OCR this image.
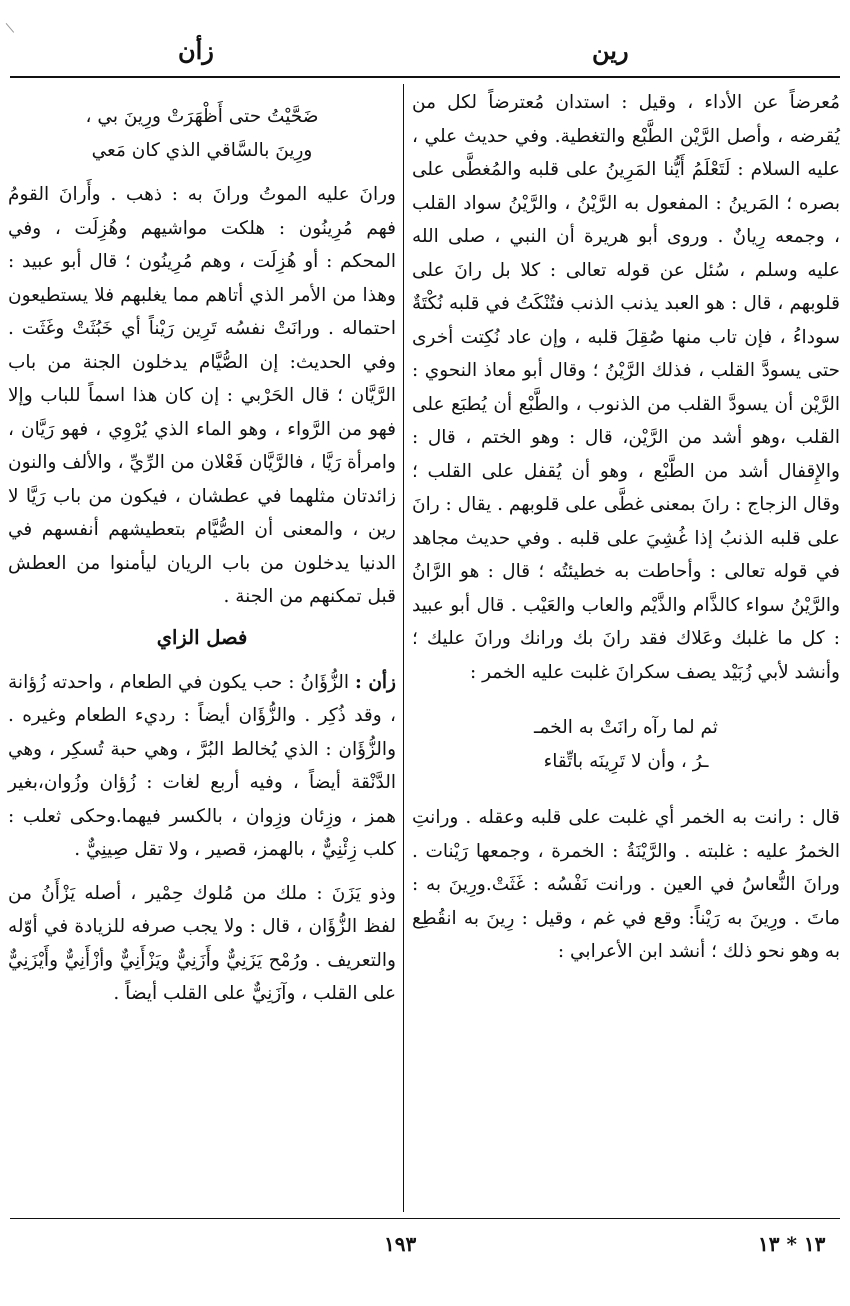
زأن	رين

مُعرضاً عن الأداء ، وقيل : استدان مُعترضاً لكل من يُقرضه ، وأصل الرَّيْن الطَّبْع والتغطية. وفي حديث علي ، عليه السلام : لَتَعْلَمُ أَيُّنا المَرِينُ على قلبه والمُغطَّى على بصره ؛ المَرينُ : المفعول به الرَّيْنُ ، والرَّيْنُ سواد القلب ، وجمعه رِيانٌ . وروى أبو هريرة أن النبي ، صلى الله عليه وسلم ، سُئل عن قوله تعالى : كلا بل رانَ على قلوبهم ، قال : هو العبد يذنب الذنب فتُنْكَتُ في قلبه نُكْتَةٌ سوداءُ ، فإن تاب منها صُقِلَ قلبه ، وإن عاد نُكِتت أخرى حتى يسودَّ القلب ، فذلك الرَّيْنُ ؛ وقال أبو معاذ النحوي : الرَّيْن أن يسودَّ القلب من الذنوب ، والطَّبْع أن يُطبَع على القلب ،وهو أشد من الرَّيْن، قال : وهو الختم ، قال : والإِقفال أشد من الطَّبْع ، وهو أن يُقفل على القلب ؛ وقال الزجاج : رانَ بمعنى غطَّى على قلوبهم . يقال : رانَ على قلبه الذنبُ إذا غُشِيَ على قلبه . وفي حديث مجاهد في قوله تعالى : وأحاطت به خطيئتُه ؛ قال : هو الرَّانُ والرَّيْنُ سواء كالذَّام والذَّيْم والعاب والعَيْب . قال أبو عبيد : كل ما غلبك وعَلاك فقد رانَ بك ورانك ورانَ عليك ؛ وأنشد لأبي زُبَيْد يصف سكرانَ غلبت عليه الخمر :

ثم لما رآه رانَتْ به الخمـ

ـرُ ، وأن لا تَرِينَه باتِّقاء

قال : رانت به الخمر أي غلبت على قلبه وعقله . ورانتِ الخمرُ عليه : غلبته . والرَّيْنَةُ : الخمرة ، وجمعها رَيْنات . ورانَ النُّعاسُ في العين . ورانت نَفْسُه : غَثَتْ.ورِينَ به : ماتَ . ورِينَ به رَيْناً: وقع في غم ، وقيل : رِينَ به انقُطِع به وهو نحو ذلك ؛ أنشد ابن الأعرابي :

ضَحَّيْتُ حتى أَظْهَرَتْ ورِينَ بي ،

ورِينَ بالسَّاقي الذي كان مَعي

ورانَ عليه الموتُ ورانَ به : ذهب . وأَرانَ القومُ فهم مُرِينُون : هلكت مواشيهم وهُزِلَت ، وفي المحكم : أو هُزِلَت ، وهم مُرِينُون ؛ قال أبو عبيد : وهذا من الأمر الذي أتاهم مما يغلبهم فلا يستطيعون احتماله . ورانَتْ نفسُه تَرِين رَيْناً أي خَبُثَتْ وغَثَت . وفي الحديث: إن الصُّيَّام يدخلون الجنة من باب الرَّيَّان ؛ قال الحَرْبي : إن كان هذا اسماً للباب وإلا فهو من الرَّواء ، وهو الماء الذي يُرْوِي ، فهو رَيَّان ، وامرأة رَيَّا ، فالرَّيَّان فَعْلان من الرِّيِّ ، والألف والنون زائدتان مثلهما في عطشان ، فيكون من باب رَيَّا لا رين ، والمعنى أن الصُّيَّام بتعطيشهم أنفسهم في الدنيا يدخلون من باب الريان ليأمنوا من العطش قبل تمكنهم من الجنة .

فصل الزاي

زأن : الزُّؤَانُ : حب يكون في الطعام ، واحدته زُؤانة ، وقد ذُكِر . والزُّؤَان أيضاً : رديء الطعام وغيره . والزُّؤَان : الذي يُخالط البُرَّ ، وهي حبة تُسكِر ، وهي الدَّنْقة أيضاً ، وفيه أربع لغات : زُؤان وزُوان،بغير همز ، وزِئان وزِوان ، بالكسر فيهما.وحكى ثعلب : كلب زِئْنِيٌّ ، بالهمز، قصير ، ولا تقل صِينِيٌّ .

وذو يَزَنَ : ملك من مُلوك حِمْير ، أصله يَزْأَنُ من لفظ الزُّؤَان ، قال : ولا يجب صرفه للزيادة في أوّله والتعريف . ورُمْح يَزَنِيٌّ وأَزَنِيٌّ ويَزْأَنِيٌّ وأزْأَنِيٌّ وأَيْزَنِيٌّ على القلب ، وآزَنِيٌّ على القلب أيضاً .

١٩٣	١٣ * ١٣
